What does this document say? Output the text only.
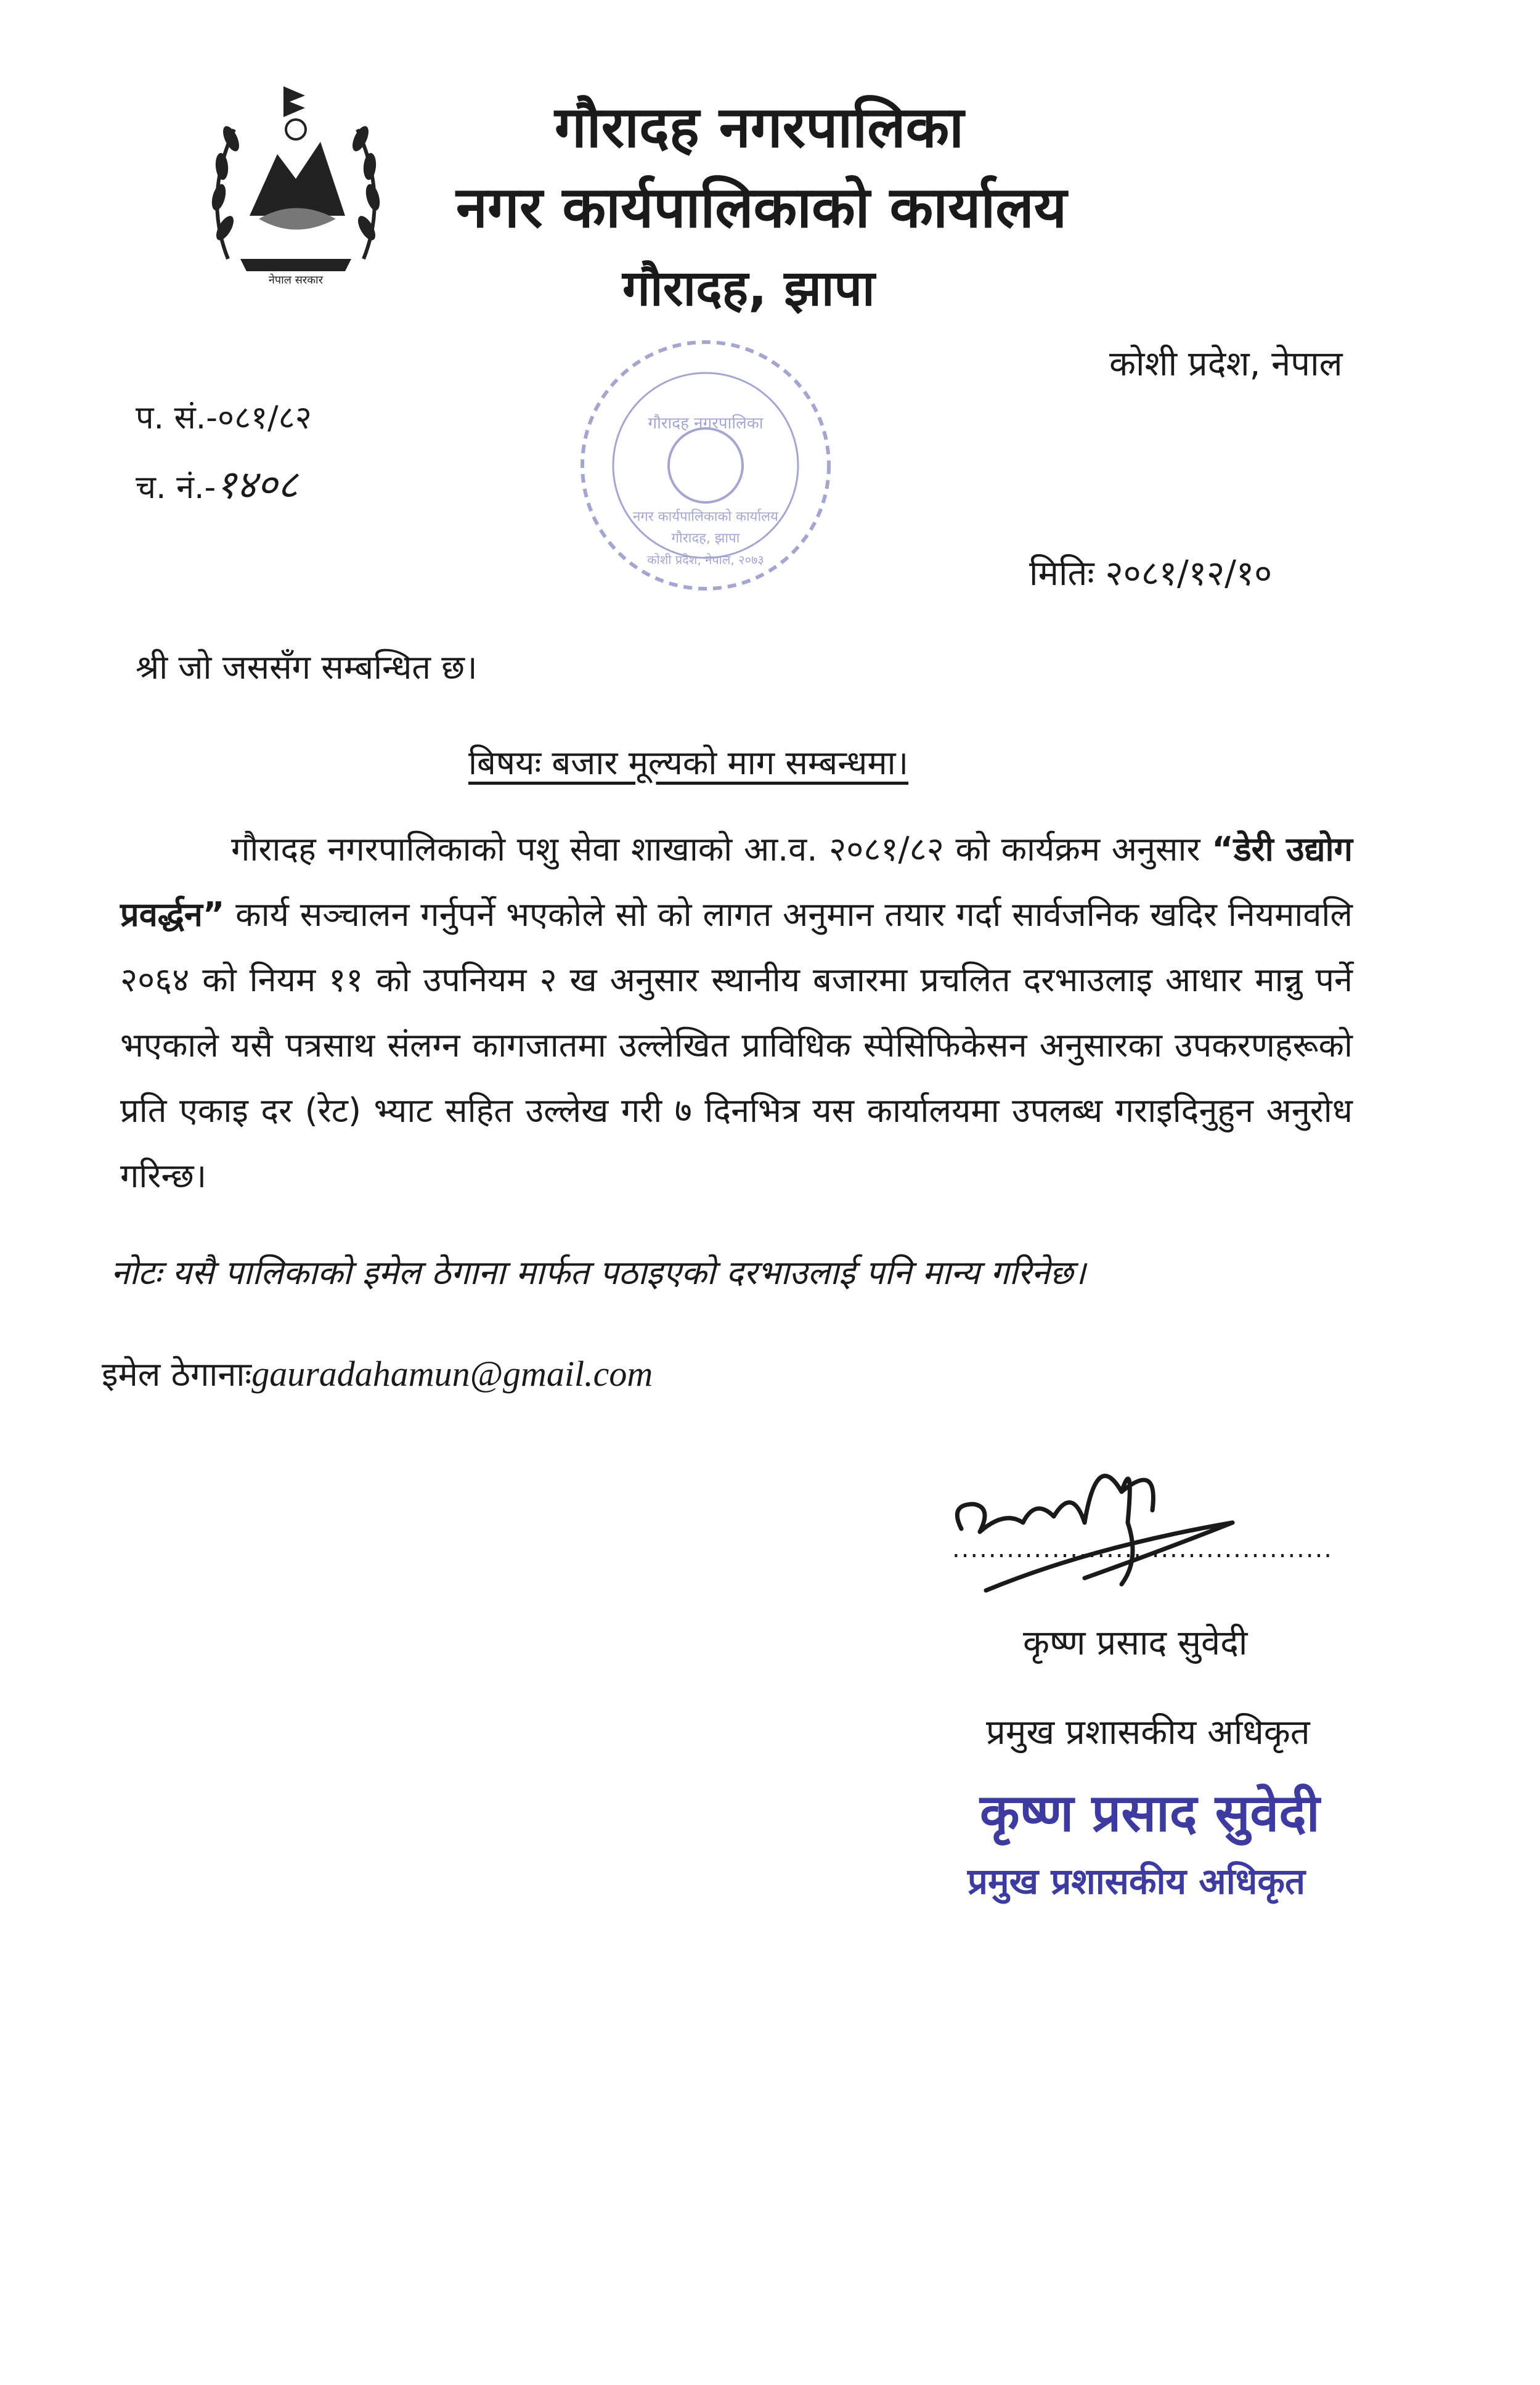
नेपाल सरकार
गौरादह नगरपालिका
नगर कार्यपालिकाको कार्यालय
गौरादह, झापा
कोशी प्रदेश, नेपाल
प. सं.-०८१/८२
च. नं.-१४०८
गौरादह नगरपालिका
नगर कार्यपालिकाको कार्यालय
गौरादह, झापा
कोशी प्रदेश, नेपाल, २०७३	मितिः २०८१/१२/१०
श्री जो जससँग सम्बन्धित छ।
बिषयः बजार मूल्यको माग सम्बन्धमा।
गौरादह नगरपालिकाको पशु सेवा शाखाको आ.व. २०८१/८२ को कार्यक्रम अनुसार “डेरी उद्योग प्रवर्द्धन” कार्य सञ्चालन गर्नुपर्ने भएकोले सो को लागत अनुमान तयार गर्दा सार्वजनिक खदिर नियमावलि २०६४ को नियम ११ को उपनियम २ ख अनुसार स्थानीय बजारमा प्रचलित दरभाउलाइ आधार मान्नु पर्ने भएकाले यसै पत्रसाथ संलग्न कागजातमा उल्लेखित प्राविधिक स्पेसिफिकेसन अनुसारका उपकरणहरूको प्रति एकाइ दर (रेट) भ्याट सहित उल्लेख गरी ७ दिनभित्र यस कार्यालयमा उपलब्ध गराइदिनुहुन अनुरोध गरिन्छ।
नोटः यसै पालिकाको इमेल ठेगाना मार्फत पठाइएको दरभाउलाई पनि मान्य गरिनेछ।
इमेल ठेगानाःgauradahamun@gmail.com
..........................................
कृष्ण प्रसाद सुवेदी
प्रमुख प्रशासकीय अधिकृत
कृष्ण प्रसाद सुवेदी
प्रमुख प्रशासकीय अधिकृत
